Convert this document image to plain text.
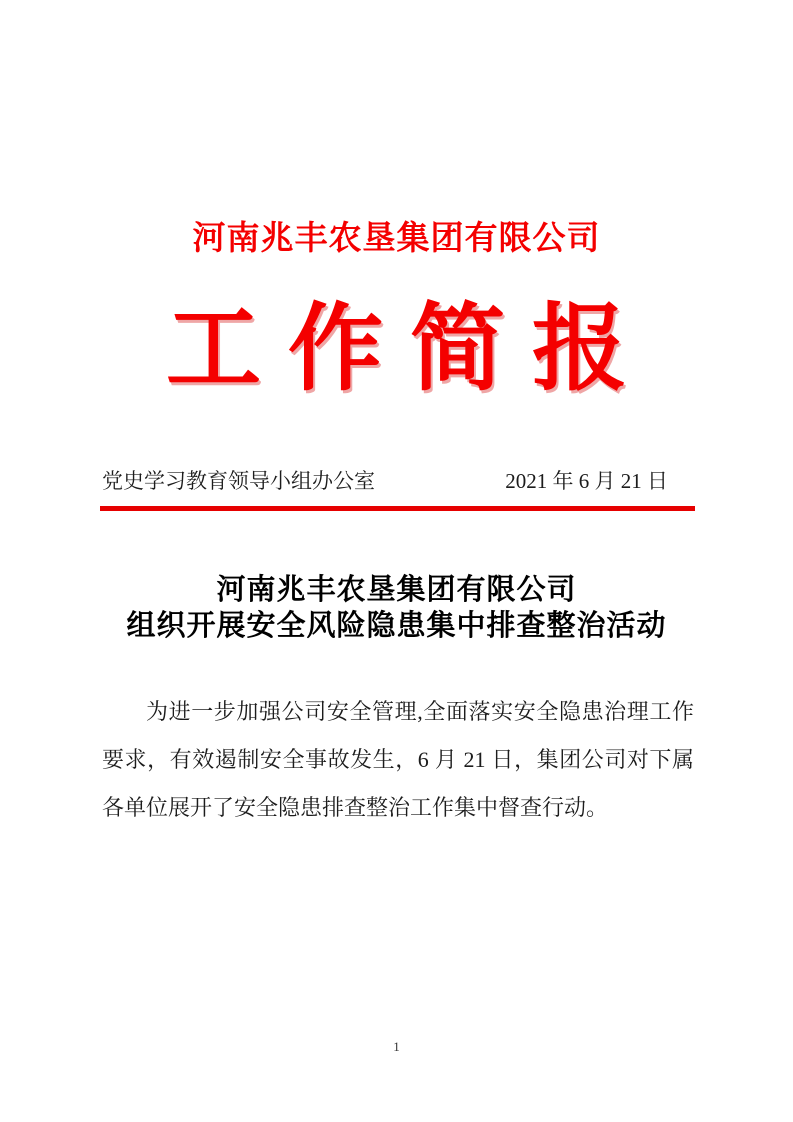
河南兆丰农垦集团有限公司
工作简报
党史学习教育领导小组办公室	2021 年 6 月 21 日
河南兆丰农垦集团有限公司
组织开展安全风险隐患集中排查整治活动

为进一步加强公司安全管理,全面落实安全隐患治理工作要求，有效遏制安全事故发生，6 月 21 日，集团公司对下属各单位展开了安全隐患排查整治工作集中督查行动。

1
